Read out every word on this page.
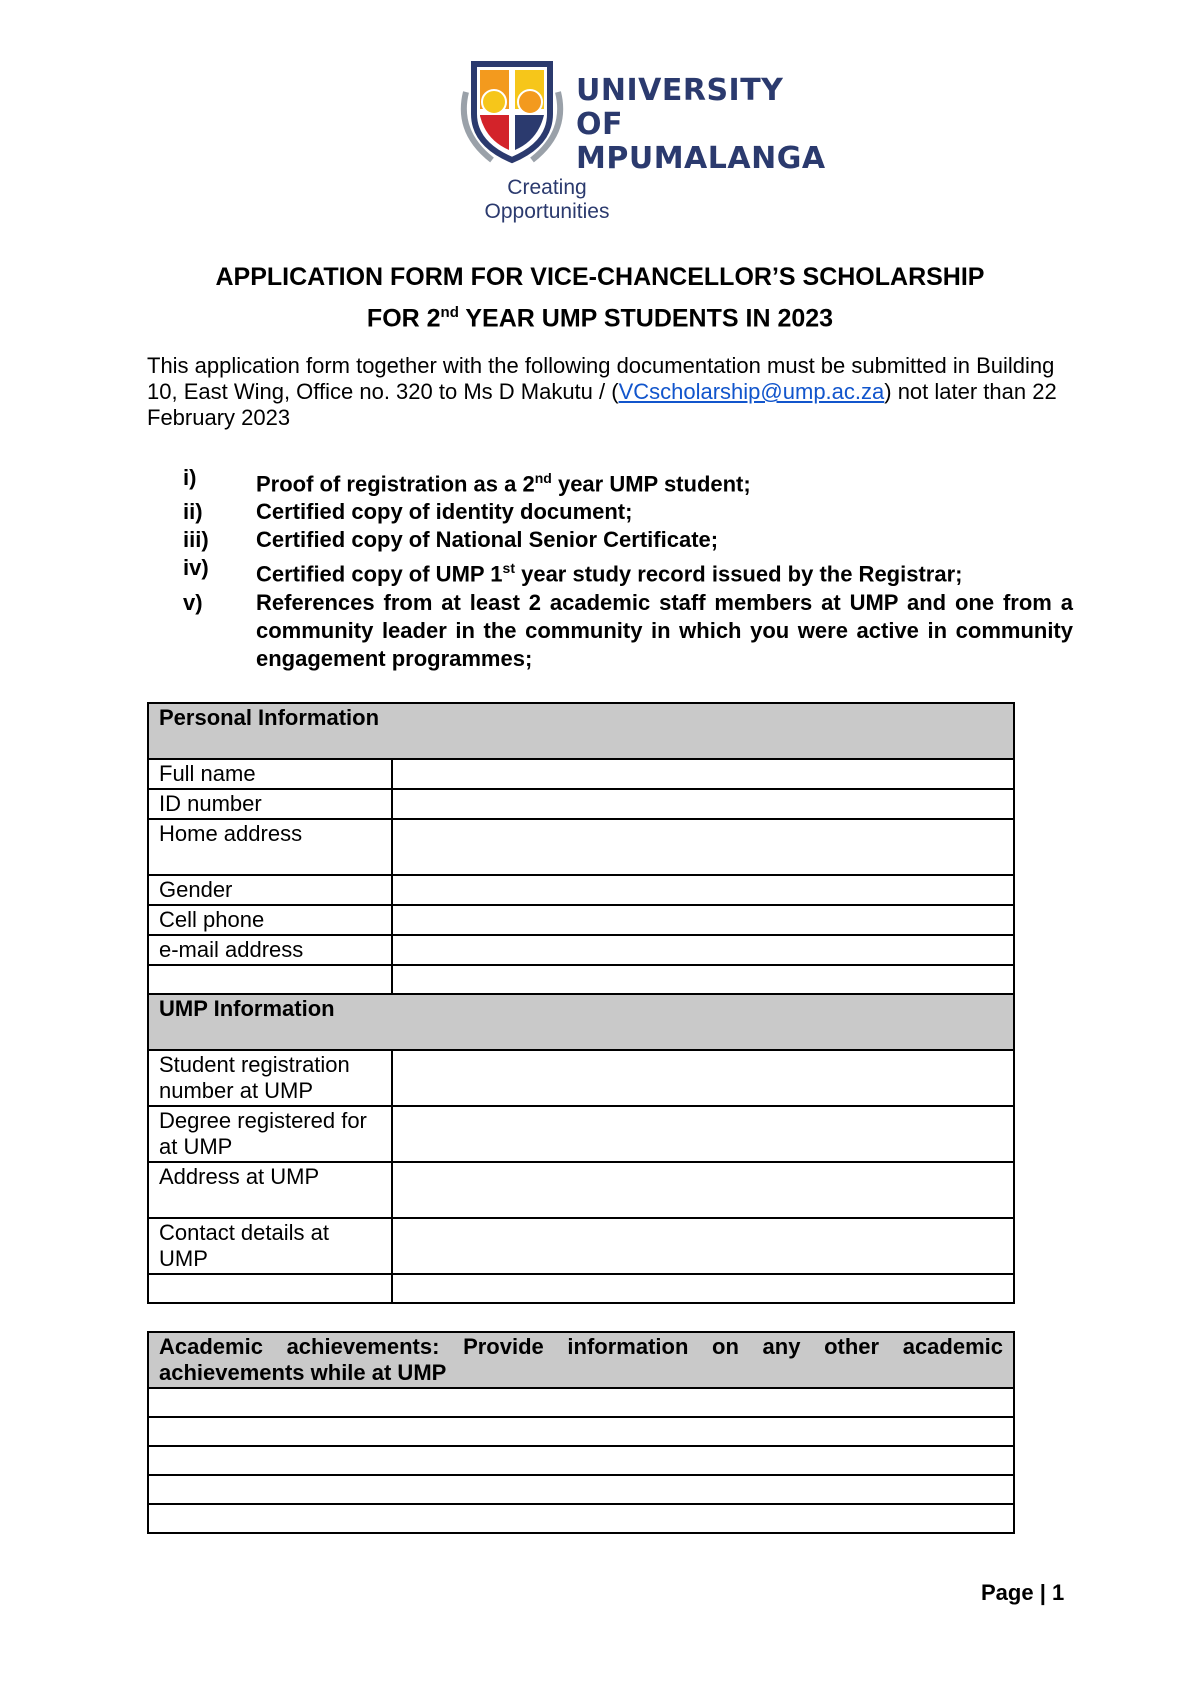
UNIVERSITY OF
MPUMALANGA
Creating Opportunities
APPLICATION FORM FOR VICE-CHANCELLOR’S SCHOLARSHIP
FOR 2nd YEAR UMP STUDENTS IN 2023
This application form together with the following documentation must be submitted in Building 10, East Wing, Office no. 320 to Ms D Makutu / (VCscholarship@ump.ac.za) not later than 22 February 2023
i)	Proof of registration as a 2nd year UMP student;
ii)	Certified copy of identity document;
iii)	Certified copy of National Senior Certificate;
iv)	Certified copy of UMP 1st year study record issued by the Registrar;
v)	References from at least 2 academic staff members at UMP and one from a community leader in the community in which you were active in community engagement programmes;
Personal Information	
Full name	
ID number	
Home address	
Gender	
Cell phone	
e-mail address	

UMP Information	
Student registration number at UMP	
Degree registered for at UMP	
Address at UMP	
Contact details at UMP	

Academic achievements: Provide information on any other academic achievements while at UMP

Page | 1
